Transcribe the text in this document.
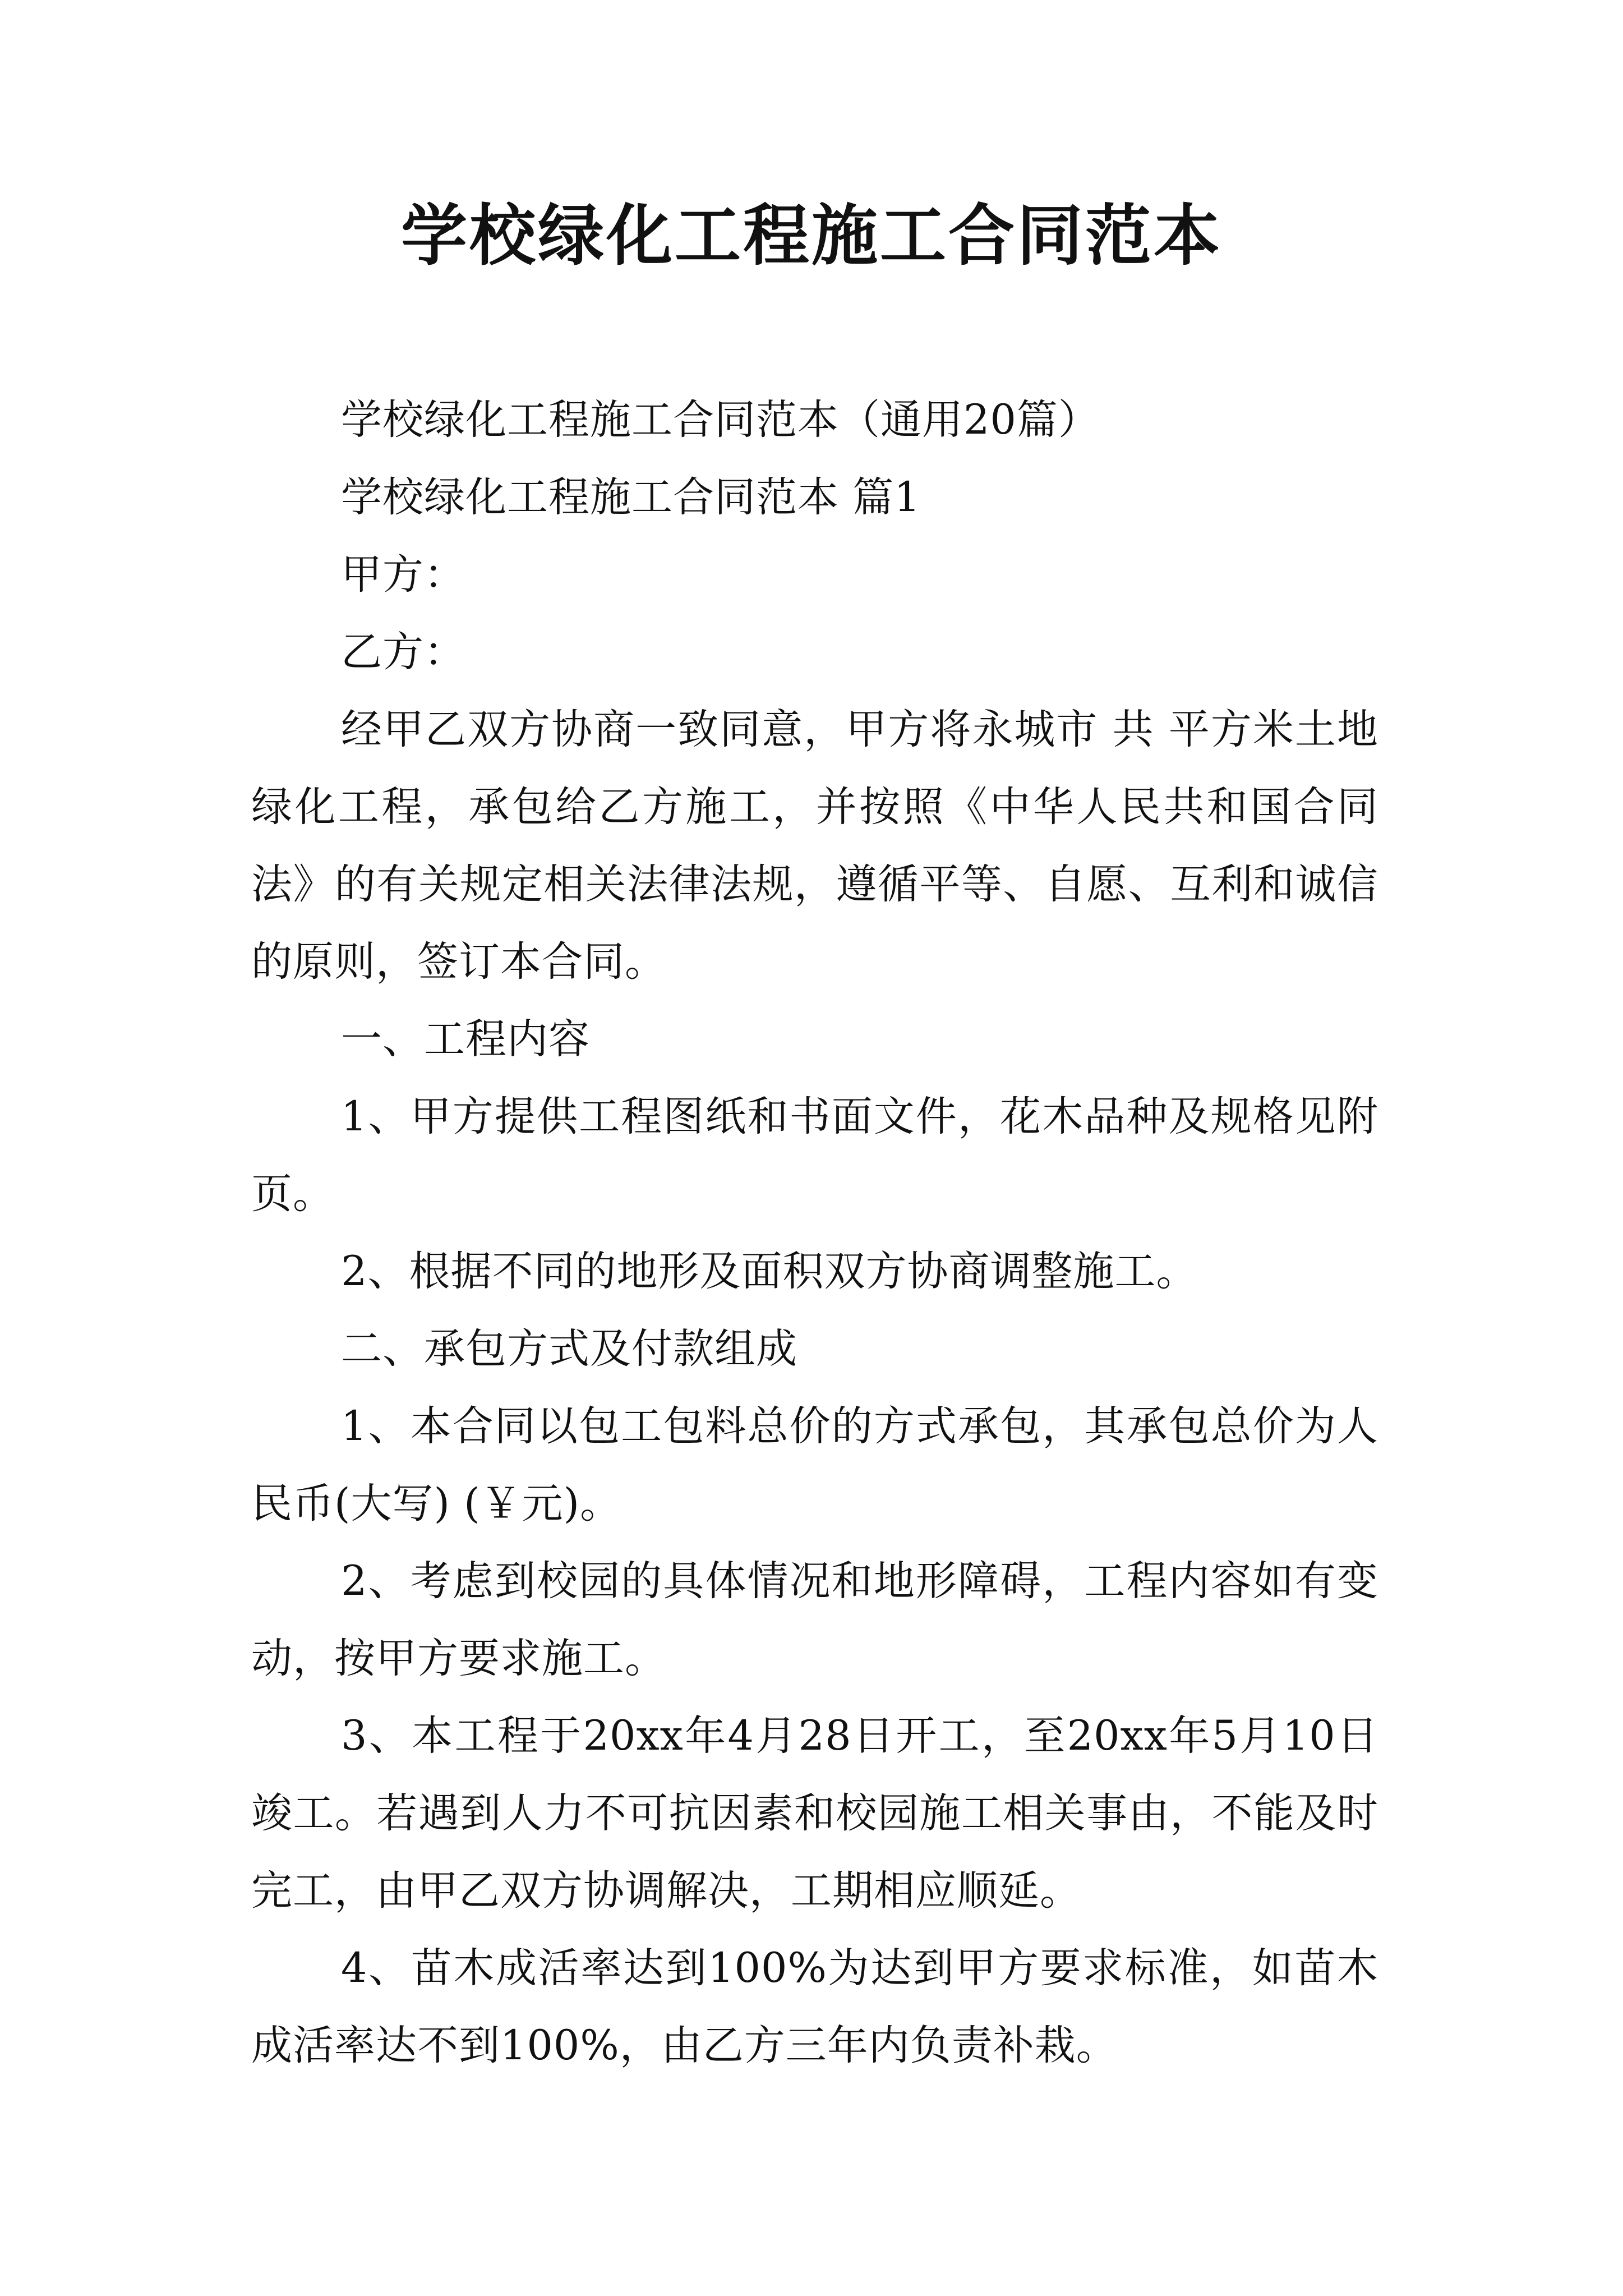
学校绿化工程施工合同范本

学校绿化工程施工合同范本（通用20篇）

学校绿化工程施工合同范本 篇1

甲方：

乙方：

经甲乙双方协商一致同意，甲方将永城市 共 平方米土地绿化工程，承包给乙方施工，并按照《中华人民共和国合同法》的有关规定相关法律法规，遵循平等、自愿、互利和诚信的原则，签订本合同。

一、工程内容

1、甲方提供工程图纸和书面文件，花木品种及规格见附页。

2、根据不同的地形及面积双方协商调整施工。

二、承包方式及付款组成

1、本合同以包工包料总价的方式承包，其承包总价为人民币(大写) (￥元)。

2、考虑到校园的具体情况和地形障碍，工程内容如有变动，按甲方要求施工。

3、本工程于20xx年4月28日开工，至20xx年5月10日竣工。若遇到人力不可抗因素和校园施工相关事由，不能及时完工，由甲乙双方协调解决，工期相应顺延。

4、苗木成活率达到100%为达到甲方要求标准，如苗木成活率达不到100%，由乙方三年内负责补栽。
